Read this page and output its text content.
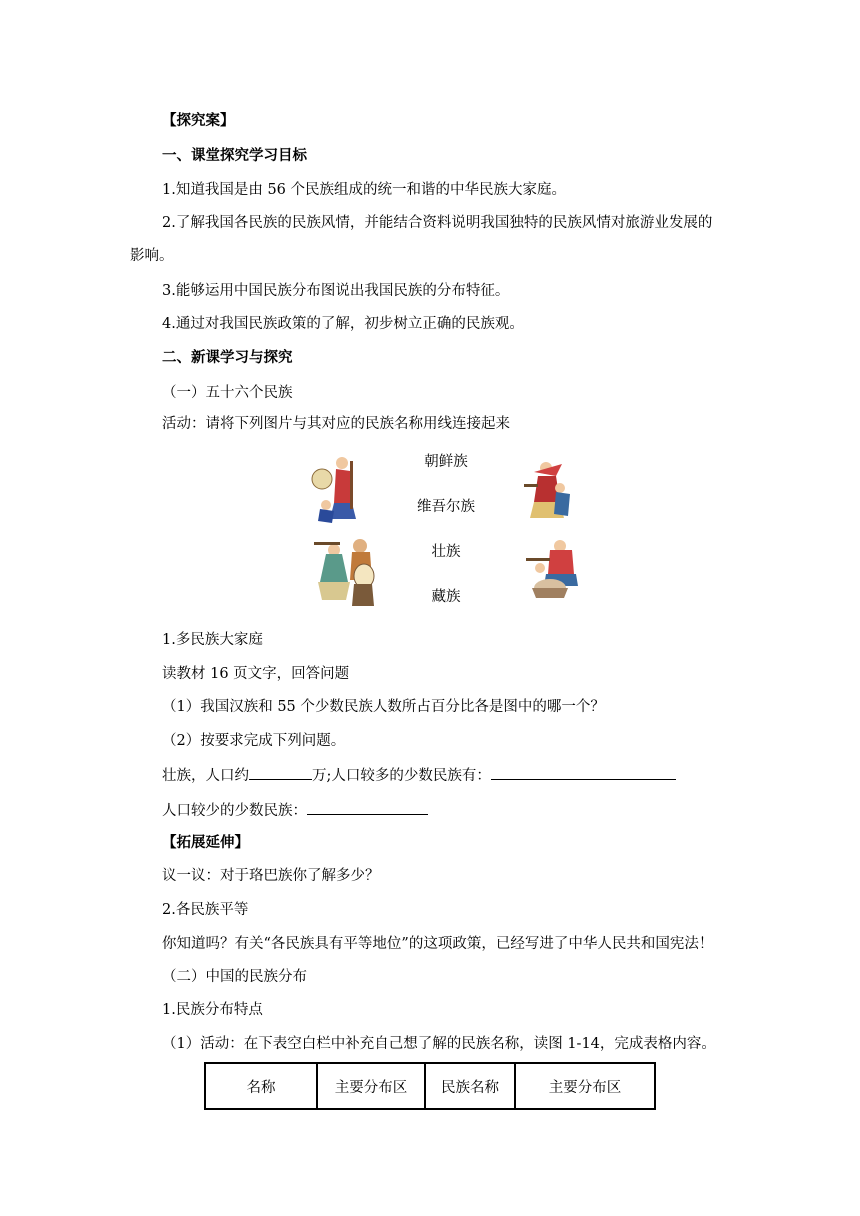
【探究案】
一、课堂探究学习目标
1.知道我国是由 56 个民族组成的统一和谐的中华民族大家庭。
2.了解我国各民族的民族风情，并能结合资料说明我国独特的民族风情对旅游业发展的
影响。
3.能够运用中国民族分布图说出我国民族的分布特征。
4.通过对我国民族政策的了解，初步树立正确的民族观。
二、新课学习与探究
（一）五十六个民族
活动：请将下列图片与其对应的民族名称用线连接起来
朝鲜族
维吾尔族
壮族
藏族
1.多民族大家庭
读教材 16 页文字，回答问题
（1）我国汉族和 55 个少数民族人数所占百分比各是图中的哪一个？
（2）按要求完成下列问题。
壮族，人口约	万;人口较多的少数民族有：
人口较少的少数民族：
【拓展延伸】
议一议：对于珞巴族你了解多少？
2.各民族平等
你知道吗？有关“各民族具有平等地位”的这项政策，已经写进了中华人民共和国宪法！
（二）中国的民族分布
1.民族分布特点
（1）活动：在下表空白栏中补充自己想了解的民族名称，读图 1-14，完成表格内容。
名称	主要分布区	民族名称	主要分布区
